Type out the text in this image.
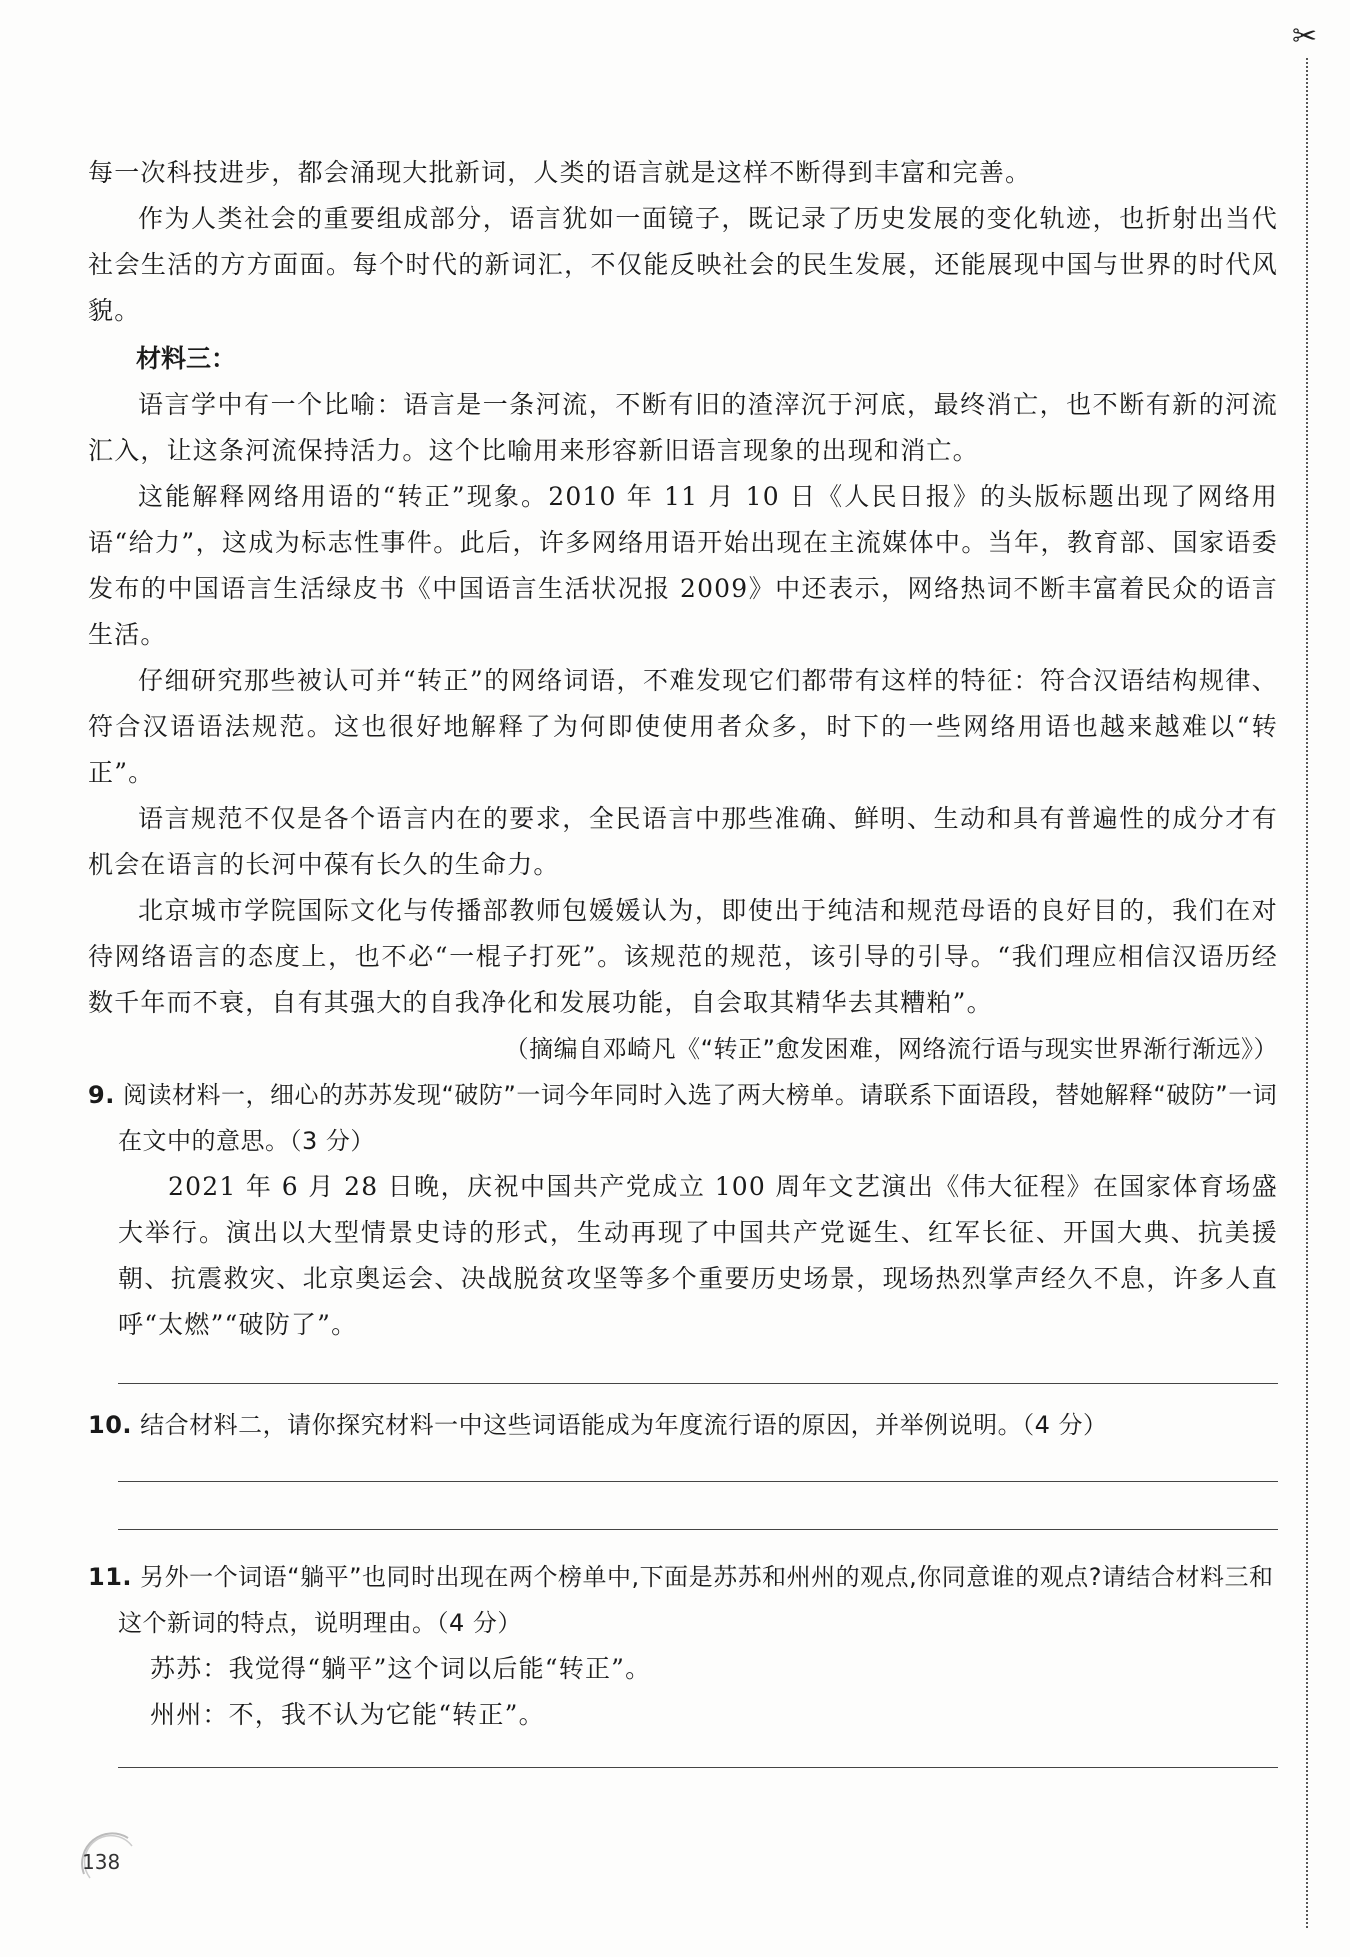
✂

每一次科技进步，都会涌现大批新词，人类的语言就是这样不断得到丰富和完善。

作为人类社会的重要组成部分，语言犹如一面镜子，既记录了历史发展的变化轨迹，也折射出当代社会生活的方方面面。每个时代的新词汇，不仅能反映社会的民生发展，还能展现中国与世界的时代风貌。

材料三：

语言学中有一个比喻：语言是一条河流，不断有旧的渣滓沉于河底，最终消亡，也不断有新的河流汇入，让这条河流保持活力。这个比喻用来形容新旧语言现象的出现和消亡。

这能解释网络用语的“转正”现象。2010 年 11 月 10 日《人民日报》的头版标题出现了网络用语“给力”，这成为标志性事件。此后，许多网络用语开始出现在主流媒体中。当年，教育部、国家语委发布的中国语言生活绿皮书《中国语言生活状况报 2009》中还表示，网络热词不断丰富着民众的语言生活。

仔细研究那些被认可并“转正”的网络词语，不难发现它们都带有这样的特征：符合汉语结构规律、符合汉语语法规范。这也很好地解释了为何即使使用者众多，时下的一些网络用语也越来越难以“转正”。

语言规范不仅是各个语言内在的要求，全民语言中那些准确、鲜明、生动和具有普遍性的成分才有机会在语言的长河中葆有长久的生命力。

北京城市学院国际文化与传播部教师包媛媛认为，即使出于纯洁和规范母语的良好目的，我们在对待网络语言的态度上，也不必“一棍子打死”。该规范的规范，该引导的引导。“我们理应相信汉语历经数千年而不衰，自有其强大的自我净化和发展功能，自会取其精华去其糟粕”。

（摘编自邓崎凡《“转正”愈发困难，网络流行语与现实世界渐行渐远》）

9. 阅读材料一，细心的苏苏发现“破防”一词今年同时入选了两大榜单。请联系下面语段，替她解释“破防”一词在文中的意思。（3 分）

2021 年 6 月 28 日晚，庆祝中国共产党成立 100 周年文艺演出《伟大征程》在国家体育场盛大举行。演出以大型情景史诗的形式，生动再现了中国共产党诞生、红军长征、开国大典、抗美援朝、抗震救灾、北京奥运会、决战脱贫攻坚等多个重要历史场景，现场热烈掌声经久不息，许多人直呼“太燃”“破防了”。

10. 结合材料二，请你探究材料一中这些词语能成为年度流行语的原因，并举例说明。（4 分）

11. 另外一个词语“躺平”也同时出现在两个榜单中,下面是苏苏和州州的观点,你同意谁的观点?请结合材料三和这个新词的特点，说明理由。（4 分）

苏苏：我觉得“躺平”这个词以后能“转正”。

州州：不，我不认为它能“转正”。

138
